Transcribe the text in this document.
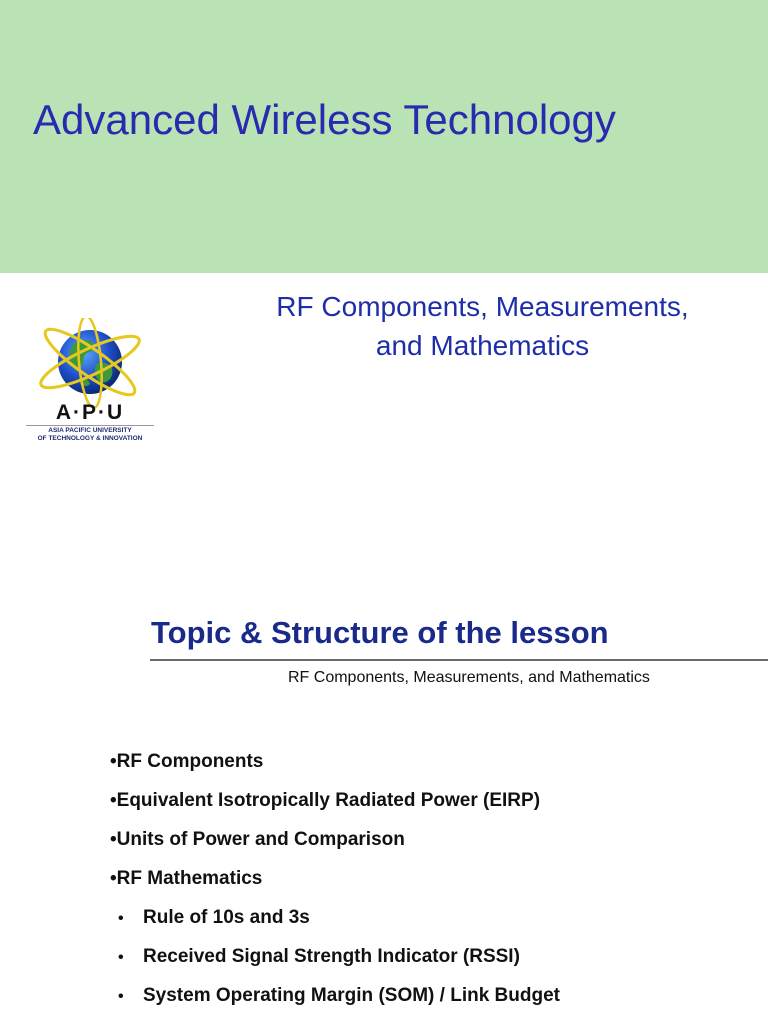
Advanced Wireless Technology

RF Components, Measurements,
and Mathematics

A·P·U
ASIA PACIFIC UNIVERSITY
OF TECHNOLOGY & INNOVATION
Topic & Structure of the lesson

RF Components, Measurements, and Mathematics

•RF Components
•Equivalent Isotropically Radiated Power (EIRP)
•Units of Power and Comparison
•RF Mathematics
• Rule of 10s and 3s
• Received Signal Strength Indicator (RSSI)
• System Operating Margin (SOM) / Link Budget
